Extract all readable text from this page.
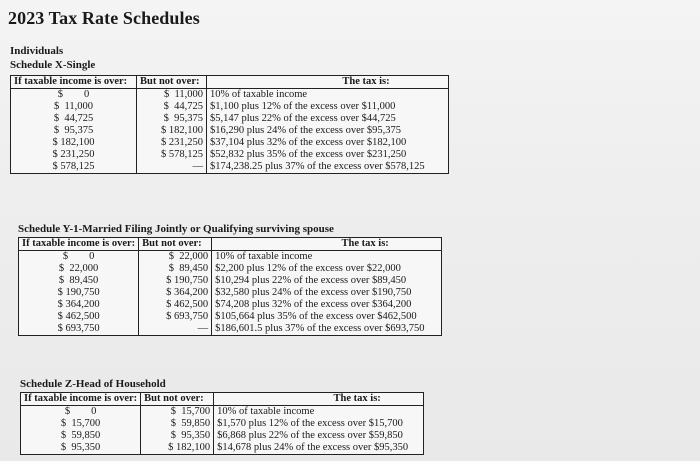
2023 Tax Rate Schedules
Individuals
Schedule X-Single
If taxable income is over:	But not over:	The tax is:
$        0	$  11,000	10% of taxable income
$  11,000	$  44,725	$1,100 plus 12% of the excess over $11,000
$  44,725	$  95,375	$5,147 plus 22% of the excess over $44,725
$  95,375	$ 182,100	$16,290 plus 24% of the excess over $95,375
$ 182,100	$ 231,250	$37,104 plus 32% of the excess over $182,100
$ 231,250	$ 578,125	$52,832 plus 35% of the excess over $231,250
$ 578,125	—	$174,238.25 plus 37% of the excess over $578,125
Schedule Y-1-Married Filing Jointly or Qualifying surviving spouse
If taxable income is over:	But not over:	The tax is:
$        0	$  22,000	10% of taxable income
$  22,000	$  89,450	$2,200 plus 12% of the excess over $22,000
$  89,450	$ 190,750	$10,294 plus 22% of the excess over $89,450
$ 190,750	$ 364,200	$32,580 plus 24% of the excess over $190,750
$ 364,200	$ 462,500	$74,208 plus 32% of the excess over $364,200
$ 462,500	$ 693,750	$105,664 plus 35% of the excess over $462,500
$ 693,750	—	$186,601.5 plus 37% of the excess over $693,750
Schedule Z-Head of Household
If taxable income is over:	But not over:	The tax is:
$        0	$  15,700	10% of taxable income
$  15,700	$  59,850	$1,570 plus 12% of the excess over $15,700
$  59,850	$  95,350	$6,868 plus 22% of the excess over $59,850
$  95,350	$ 182,100	$14,678 plus 24% of the excess over $95,350
